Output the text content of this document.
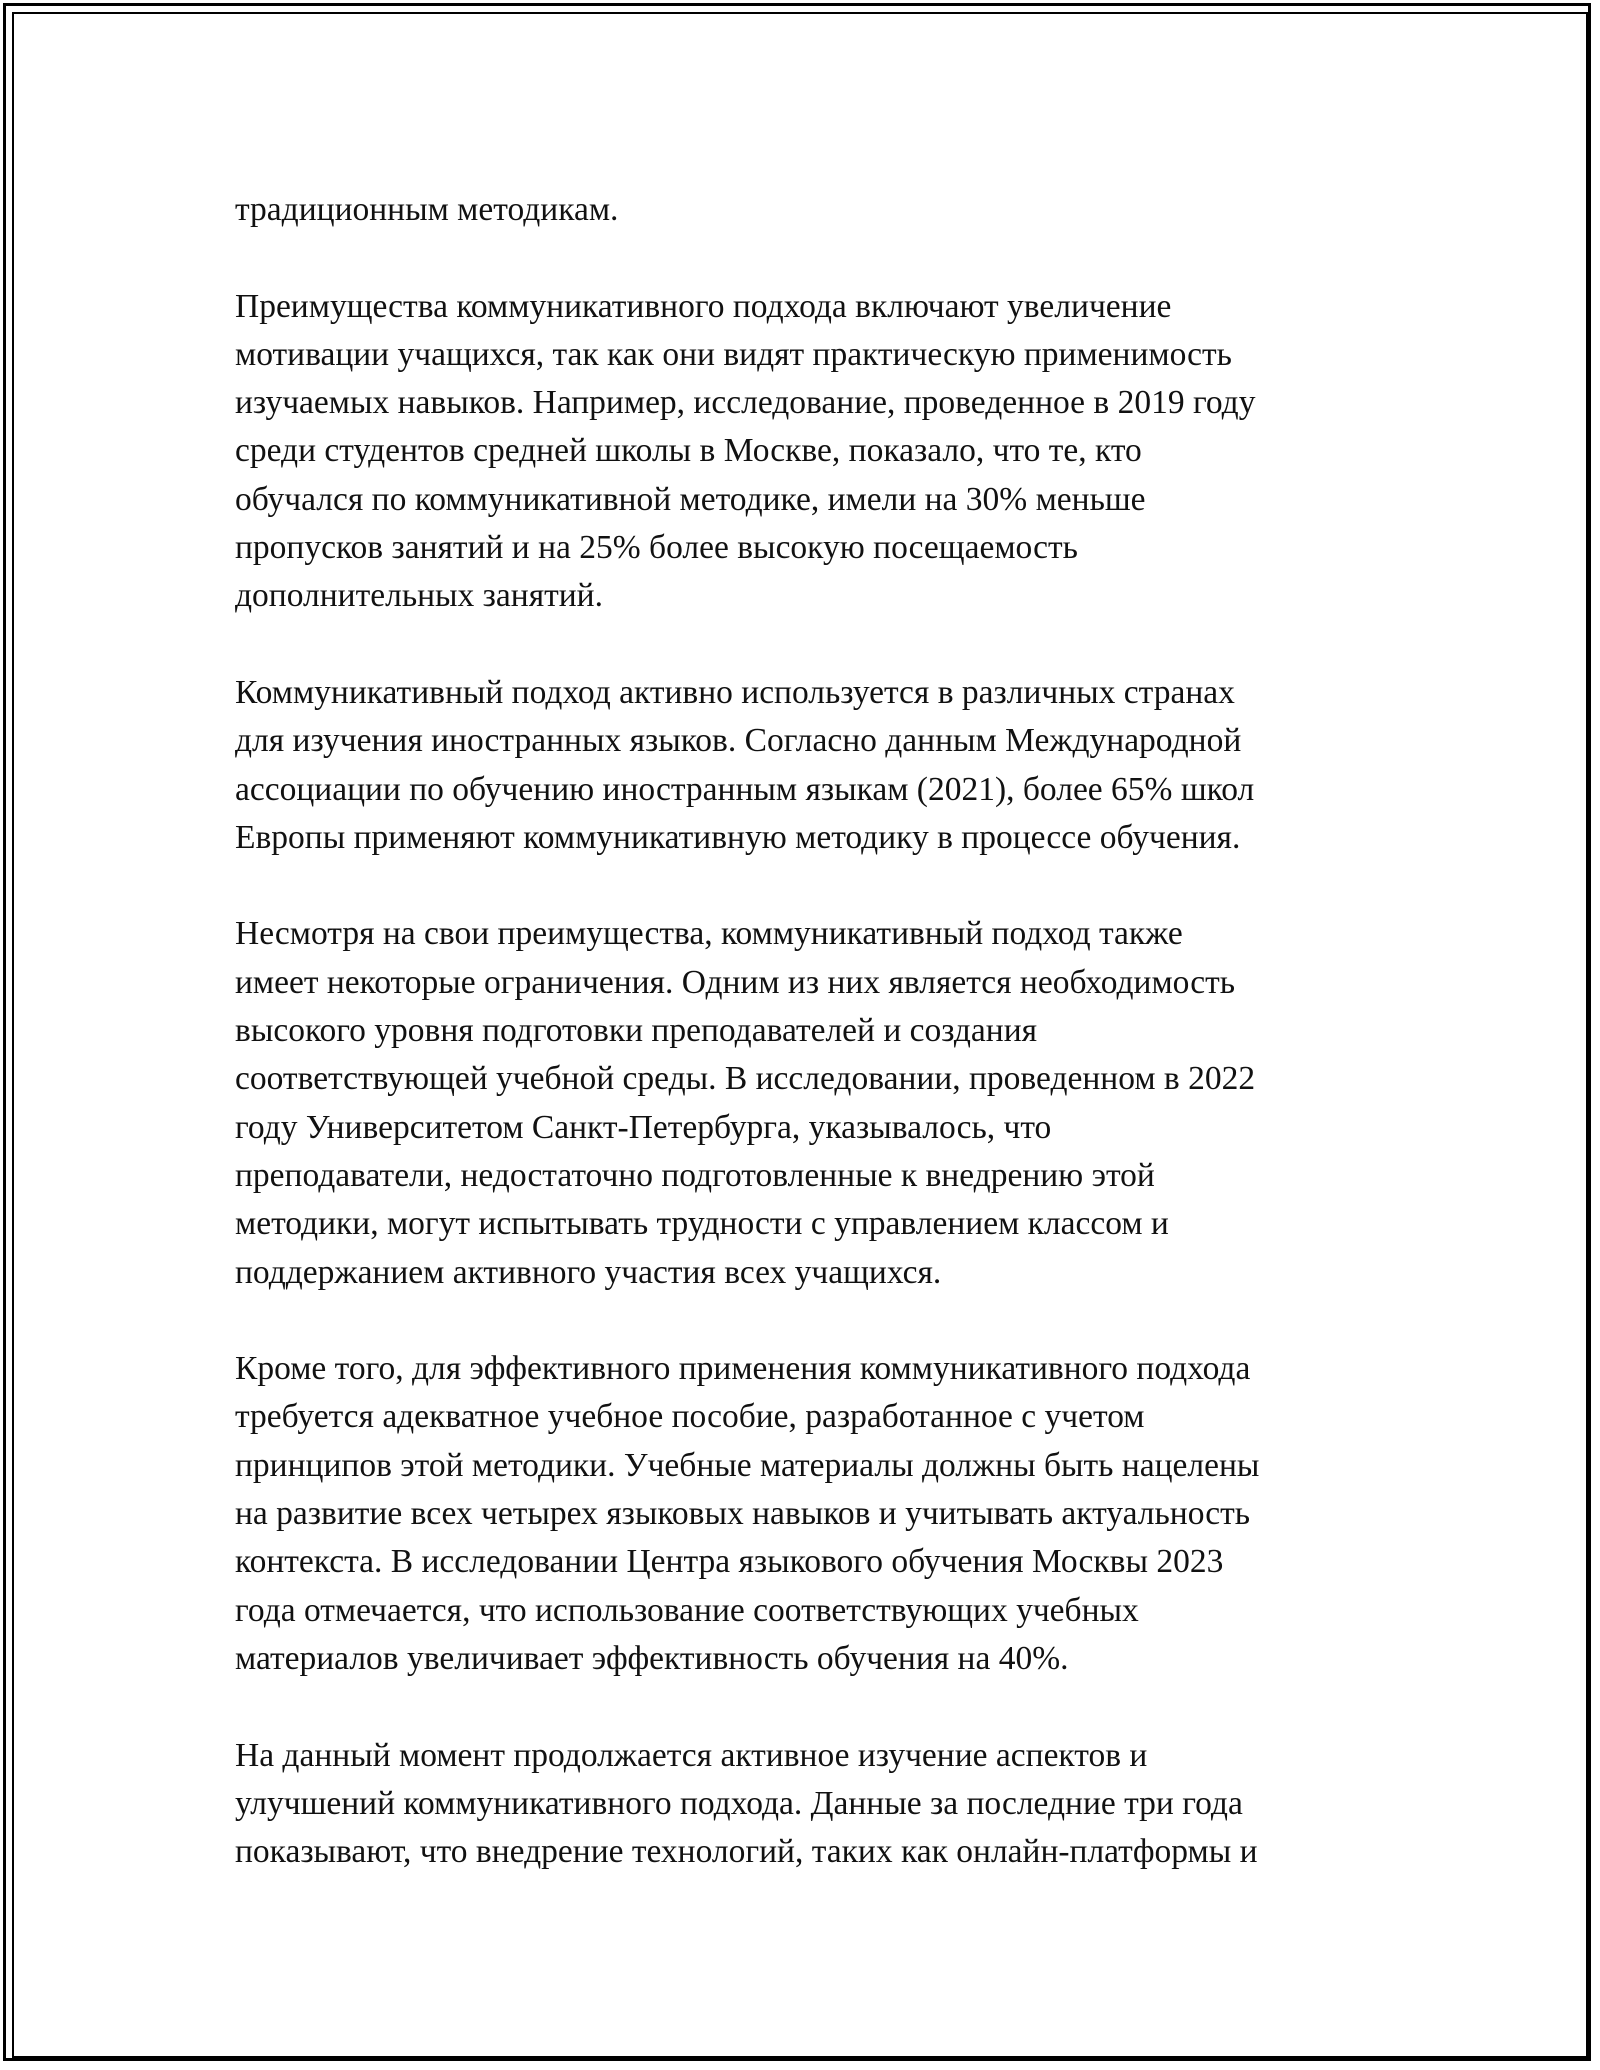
традиционным методикам.

Преимущества коммуникативного подхода включают увеличение
мотивации учащихся, так как они видят практическую применимость
изучаемых навыков. Например, исследование, проведенное в 2019 году
среди студентов средней школы в Москве, показало, что те, кто
обучался по коммуникативной методике, имели на 30% меньше
пропусков занятий и на 25% более высокую посещаемость
дополнительных занятий.

Коммуникативный подход активно используется в различных странах
для изучения иностранных языков. Согласно данным Международной
ассоциации по обучению иностранным языкам (2021), более 65% школ
Европы применяют коммуникативную методику в процессе обучения.

Несмотря на свои преимущества, коммуникативный подход также
имеет некоторые ограничения. Одним из них является необходимость
высокого уровня подготовки преподавателей и создания
соответствующей учебной среды. В исследовании, проведенном в 2022
году Университетом Санкт-Петербурга, указывалось, что
преподаватели, недостаточно подготовленные к внедрению этой
методики, могут испытывать трудности с управлением классом и
поддержанием активного участия всех учащихся.

Кроме того, для эффективного применения коммуникативного подхода
требуется адекватное учебное пособие, разработанное с учетом
принципов этой методики. Учебные материалы должны быть нацелены
на развитие всех четырех языковых навыков и учитывать актуальность
контекста. В исследовании Центра языкового обучения Москвы 2023
года отмечается, что использование соответствующих учебных
материалов увеличивает эффективность обучения на 40%.

На данный момент продолжается активное изучение аспектов и
улучшений коммуникативного подхода. Данные за последние три года
показывают, что внедрение технологий, таких как онлайн-платформы и
